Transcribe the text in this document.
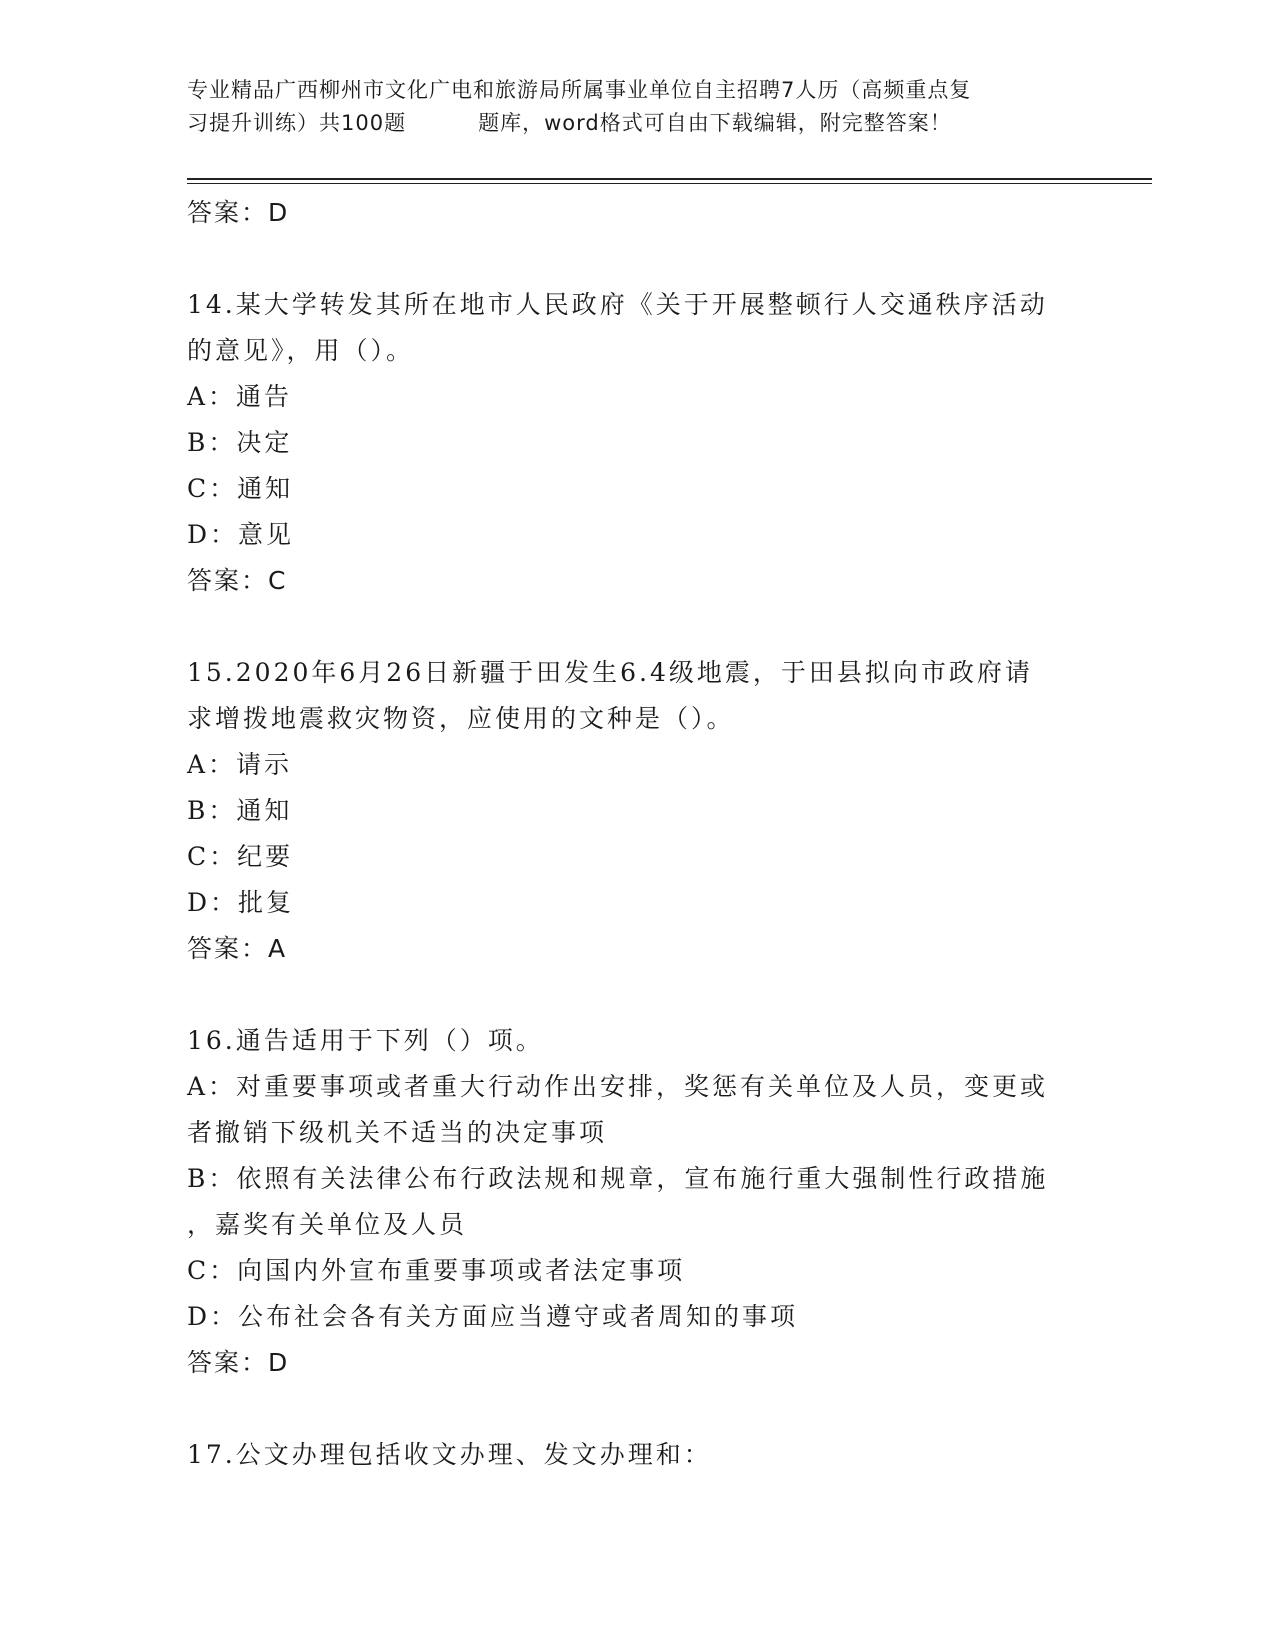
专业精品广西柳州市文化广电和旅游局所属事业单位自主招聘7人历（高频重点复
习提升训练）共100题	题库，word格式可自由下载编辑，附完整答案！
答案：D
14.某大学转发其所在地市人民政府《关于开展整顿行人交通秩序活动
的意见》，用（）。
A：通告
B：决定
C：通知
D：意见
答案：C
15.2020年6月26日新疆于田发生6.4级地震，于田县拟向市政府请
求增拨地震救灾物资，应使用的文种是（）。
A：请示
B：通知
C：纪要
D：批复
答案：A
16.通告适用于下列（）项。
A：对重要事项或者重大行动作出安排，奖惩有关单位及人员，变更或
者撤销下级机关不适当的决定事项
B：依照有关法律公布行政法规和规章，宣布施行重大强制性行政措施
，嘉奖有关单位及人员
C：向国内外宣布重要事项或者法定事项
D：公布社会各有关方面应当遵守或者周知的事项
答案：D
17.公文办理包括收文办理、发文办理和：
